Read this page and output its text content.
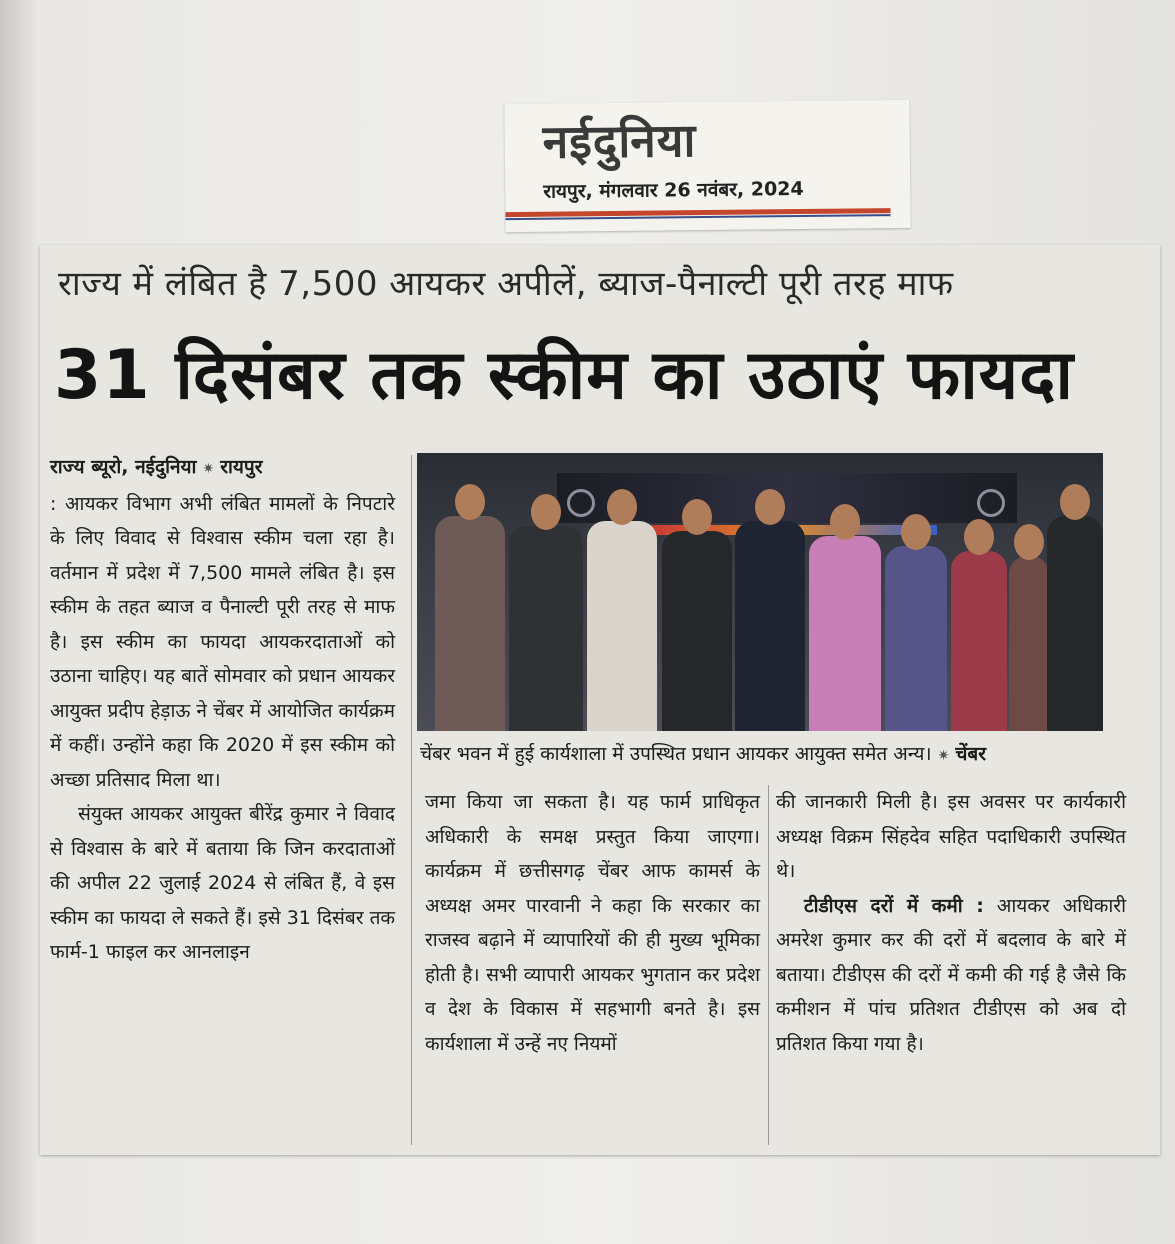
नईदुनिया
रायपुर, मंगलवार 26 नवंबर, 2024
राज्य में लंबित है 7,500 आयकर अपीलें, ब्याज-पैनाल्टी पूरी तरह माफ
31 दिसंबर तक स्कीम का उठाएं फायदा

राज्य ब्यूरो, नईदुनिया ✷ रायपुर

: आयकर विभाग अभी लंबित मामलों के निपटारे के लिए विवाद से विश्वास स्कीम चला रहा है। वर्तमान में प्रदेश में 7,500 मामले लंबित है। इस स्कीम के तहत ब्याज व पैनाल्टी पूरी तरह से माफ है। इस स्कीम का फायदा आयकरदाताओं को उठाना चाहिए। यह बातें सोमवार को प्रधान आयकर आयुक्त प्रदीप हेड़ाऊ ने चेंबर में आयोजित कार्यक्रम में कहीं। उन्होंने कहा कि 2020 में इस स्कीम को अच्छा प्रतिसाद मिला था।

संयुक्त आयकर आयुक्त बीरेंद्र कुमार ने विवाद से विश्वास के बारे में बताया कि जिन करदाताओं की अपील 22 जुलाई 2024 से लंबित हैं, वे इस स्कीम का फायदा ले सकते हैं। इसे 31 दिसंबर तक फार्म-1 फाइल कर आनलाइन

चेंबर भवन में हुई कार्यशाला में उपस्थित प्रधान आयकर आयुक्त समेत अन्य। ✷ चेंबर

जमा किया जा सकता है। यह फार्म प्राधिकृत अधिकारी के समक्ष प्रस्तुत किया जाएगा। कार्यक्रम में छत्तीसगढ़ चेंबर आफ कामर्स के अध्यक्ष अमर पारवानी ने कहा कि सरकार का राजस्व बढ़ाने में व्यापारियों की ही मुख्य भूमिका होती है। सभी व्यापारी आयकर भुगतान कर प्रदेश व देश के विकास में सहभागी बनते है। इस कार्यशाला में उन्हें नए नियमों

की जानकारी मिली है। इस अवसर पर कार्यकारी अध्यक्ष विक्रम सिंहदेव सहित पदाधिकारी उपस्थित थे।

टीडीएस दरों में कमी : आयकर अधिकारी अमरेश कुमार कर की दरों में बदलाव के बारे में बताया। टीडीएस की दरों में कमी की गई है जैसे कि कमीशन में पांच प्रतिशत टीडीएस को अब दो प्रतिशत किया गया है।
